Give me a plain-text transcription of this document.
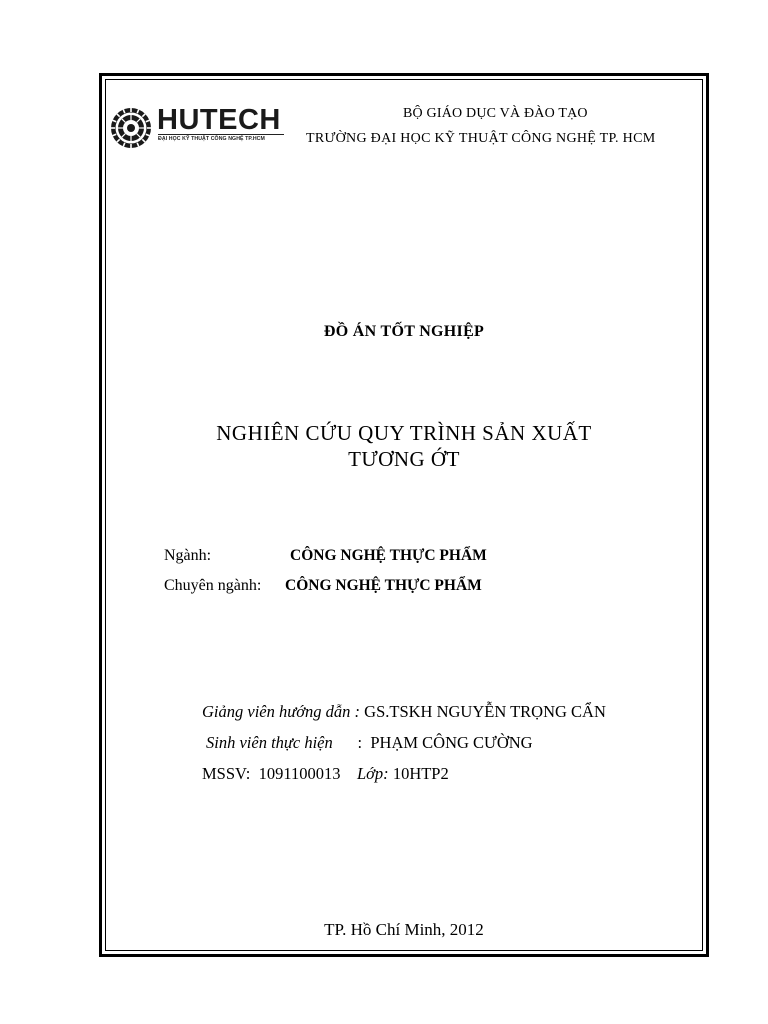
HUTECH
ĐẠI HỌC KỸ THUẬT CÔNG NGHỆ TP.HCM
BỘ GIÁO DỤC VÀ ĐÀO TẠO
TRƯỜNG ĐẠI HỌC KỸ THUẬT CÔNG NGHỆ TP. HCM
ĐỒ ÁN TỐT NGHIỆP
NGHIÊN CỨU QUY TRÌNH SẢN XUẤT
TƯƠNG ỚT
Ngành:	CÔNG NGHỆ THỰC PHẨM
Chuyên ngành: CÔNG NGHỆ THỰC PHẨM
Giảng viên hướng dẫn : GS.TSKH NGUYỄN TRỌNG CẨN
Sinh viên thực hiện : PHẠM CÔNG CƯỜNG
MSSV: 1091100013 Lớp: 10HTP2
TP. Hồ Chí Minh, 2012
